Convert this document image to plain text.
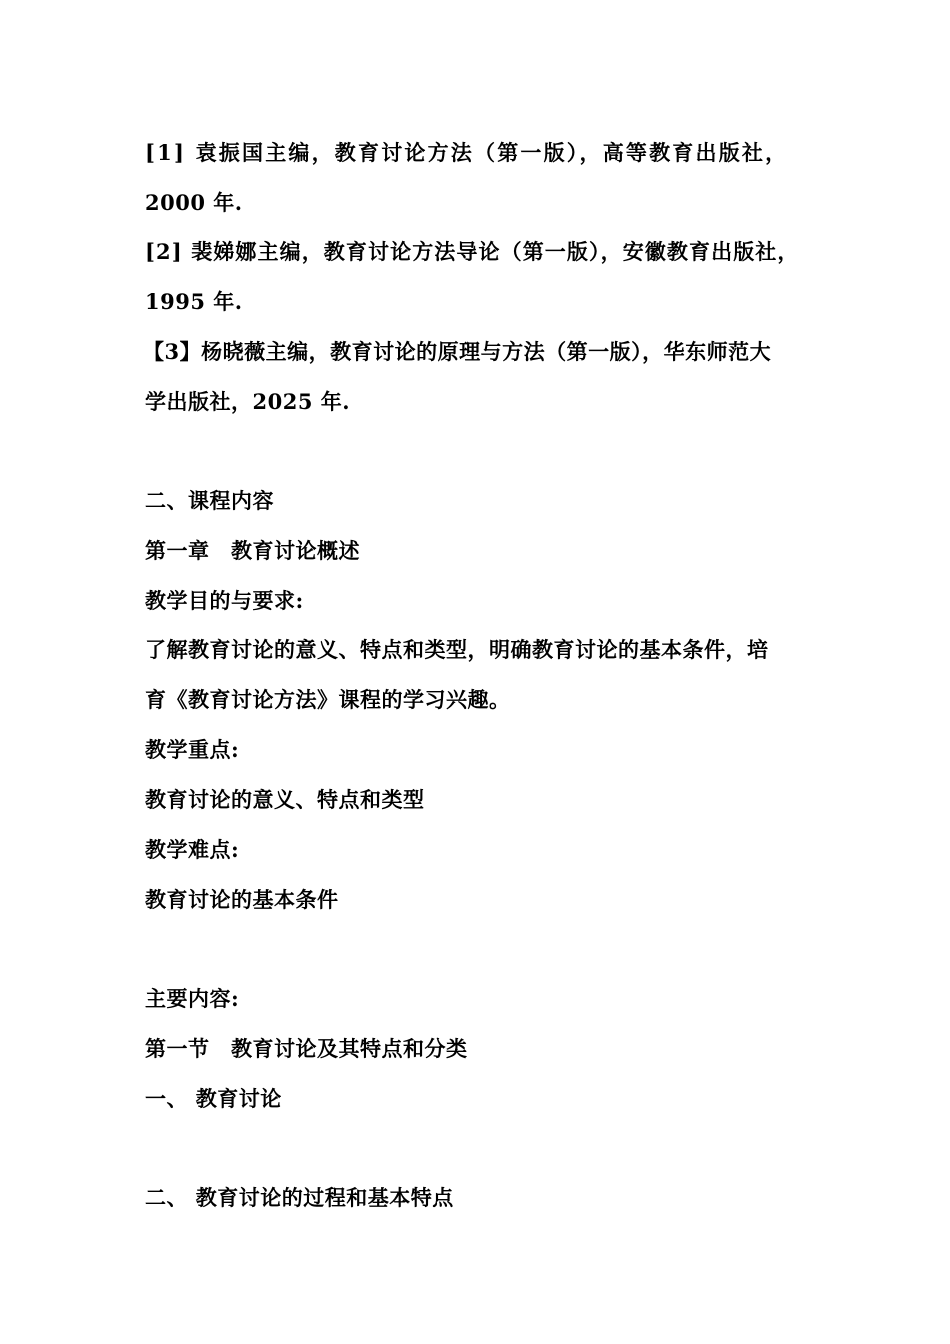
[1] 袁振国主编，教育讨论方法（第一版），高等教育出版社，
2000 年.
[2] 裴娣娜主编，教育讨论方法导论（第一版），安徽教育出版社，
1995 年.
【3】杨晓薇主编，教育讨论的原理与方法（第一版），华东师范大
学出版社，2025 年.
二、课程内容
第一章　教育讨论概述
教学目的与要求:
了解教育讨论的意义、特点和类型，明确教育讨论的基本条件，培
育《教育讨论方法》课程的学习兴趣。
教学重点:
教育讨论的意义、特点和类型
教学难点:
教育讨论的基本条件
主要内容:
第一节　教育讨论及其特点和分类
一、 教育讨论
二、 教育讨论的过程和基本特点
